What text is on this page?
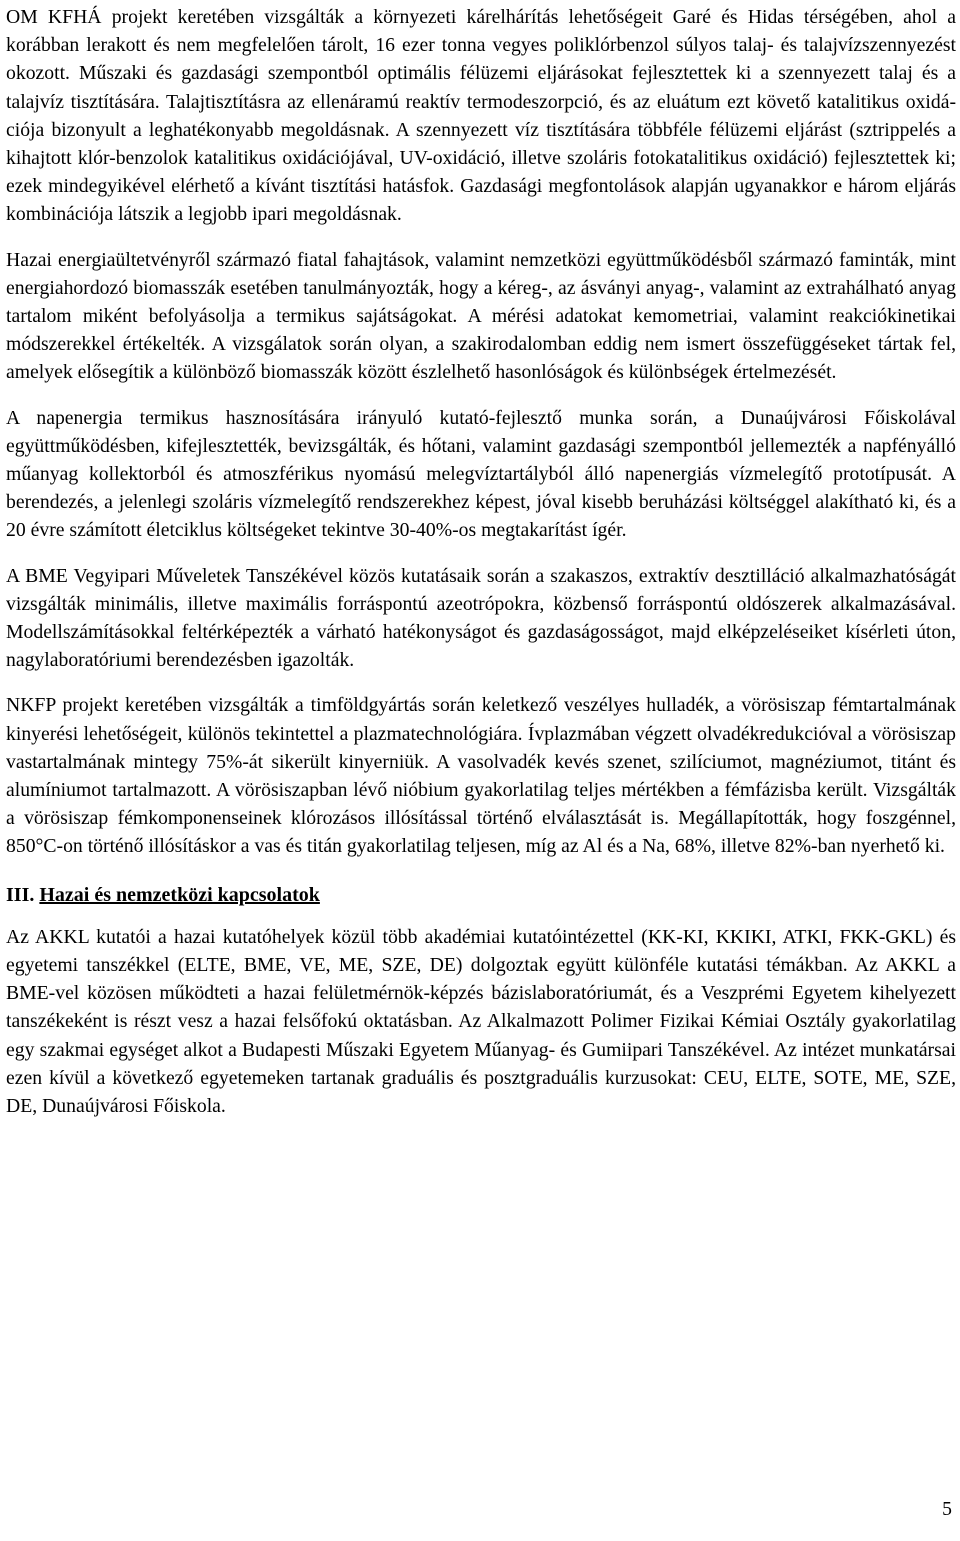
OM KFHÁ projekt keretében vizsgálták a környezeti kárelhárítás lehetőségeit Garé és Hidas térségében, ahol a korábban lerakott és nem megfelelően tárolt, 16 ezer tonna vegyes poliklórbenzol súlyos talaj- és talajvízszennyezést okozott. Műszaki és gazdasági szempontból optimális félüzemi eljárásokat fejlesztettek ki a szennyezett talaj és a talajvíz tisztítására. Talajtisztításra az ellenáramú reaktív termodeszorpció, és az eluátum ezt követő katalitikus oxidációja bizonyult a leghatékonyabb megoldásnak. A szennyezett víz tisztítására többféle félüzemi eljárást (sztrippelés a kihajtott klór-benzolok katalitikus oxidációjával, UV-oxidáció, illetve szoláris fotokatalitikus oxidáció) fejlesztettek ki; ezek mindegyikével elérhető a kívánt tisztítási hatásfok. Gazdasági megfontolások alapján ugyanakkor e három eljárás kombinációja látszik a legjobb ipari megoldásnak.

Hazai energiaültetvényről származó fiatal fahajtások, valamint nemzetközi együttműködésből származó faminták, mint energiahordozó biomasszák esetében tanulmányozták, hogy a kéreg-, az ásványi anyag-, valamint az extrahálható anyag tartalom miként befolyásolja a termikus sajátságokat. A mérési adatokat kemometriai, valamint reakciókinetikai módszerekkel értékelték. A vizsgálatok során olyan, a szakirodalomban eddig nem ismert összefüggéseket tártak fel, amelyek elősegítik a különböző biomasszák között észlelhető hasonlóságok és különbségek értelmezését.

A napenergia termikus hasznosítására irányuló kutató-fejlesztő munka során, a Dunaújvárosi Főiskolával együttműködésben, kifejlesztették, bevizsgálták, és hőtani, valamint gazdasági szempontból jellemezték a napfényálló műanyag kollektorból és atmoszférikus nyomású melegvíztartályból álló napenergiás vízmelegítő prototípusát. A berendezés, a jelenlegi szoláris vízmelegítő rendszerekhez képest, jóval kisebb beruházási költséggel alakítható ki, és a 20 évre számított életciklus költségeket tekintve 30-40%-os megtakarítást ígér.

A BME Vegyipari Műveletek Tanszékével közös kutatásaik során a szakaszos, extraktív desztilláció alkalmazhatóságát vizsgálták minimális, illetve maximális forráspontú azeotrópokra, közbenső forráspontú oldószerek alkalmazásával. Modellszámításokkal feltérképezték a várható hatékonyságot és gazdaságosságot, majd elképzeléseiket kísérleti úton, nagylaboratóriumi berendezésben igazolták.

NKFP projekt keretében vizsgálták a timföldgyártás során keletkező veszélyes hulladék, a vörösiszap fémtartalmának kinyerési lehetőségeit, különös tekintettel a plazmatechnológiára. Ívplazmában végzett olvadékredukcióval a vörösiszap vastartalmának mintegy 75%-át sikerült kinyerniük. A vasolvadék kevés szenet, szilíciumot, magnéziumot, titánt és alumíniumot tartalmazott. A vörösiszapban lévő nióbium gyakorlatilag teljes mértékben a fémfázisba került. Vizsgálták a vörösiszap fémkomponenseinek klórozásos illósítással történő elválasztását is. Megállapították, hogy foszgénnel, 850°C-on történő illósításkor a vas és titán gyakorlatilag teljesen, míg az Al és a Na, 68%, illetve 82%-ban nyerhető ki.

III. Hazai és nemzetközi kapcsolatok

Az AKKL kutatói a hazai kutatóhelyek közül több akadémiai kutatóintézettel (KK-KI, KKIKI, ATKI, FKK-GKL) és egyetemi tanszékkel (ELTE, BME, VE, ME, SZE, DE) dolgoztak együtt különféle kutatási témákban. Az AKKL a BME-vel közösen működteti a hazai felületmérnök-képzés bázislaboratóriumát, és a Veszprémi Egyetem kihelyezett tanszékeként is részt vesz a hazai felsőfokú oktatásban. Az Alkalmazott Polimer Fizikai Kémiai Osztály gyakorlatilag egy szakmai egységet alkot a Budapesti Műszaki Egyetem Műanyag- és Gumiipari Tanszékével. Az intézet munkatársai ezen kívül a következő egyetemeken tartanak graduális és posztgraduális kurzusokat: CEU, ELTE, SOTE, ME, SZE, DE, Dunaújvárosi Főiskola.

5
